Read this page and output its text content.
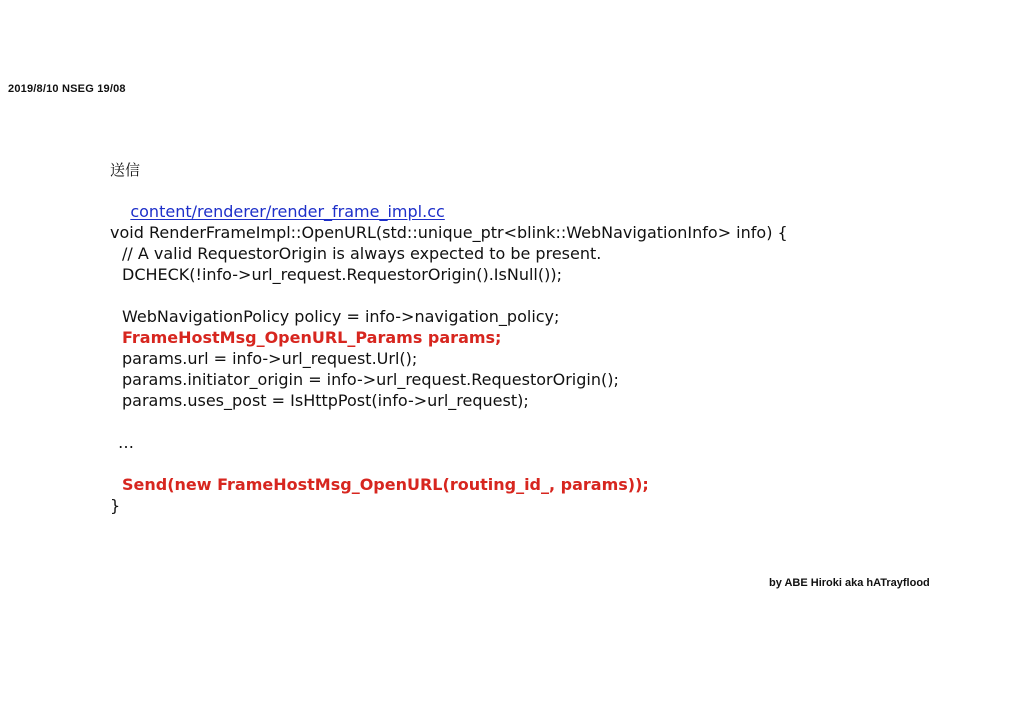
2019/8/10 NSEG 19/08
送信

content/renderer/render_frame_impl.cc

void RenderFrameImpl::OpenURL(std::unique_ptr<blink::WebNavigationInfo> info) {
// A valid RequestorOrigin is always expected to be present.
DCHECK(!info->url_request.RequestorOrigin().IsNull());
WebNavigationPolicy policy = info->navigation_policy;
FrameHostMsg_OpenURL_Params params;
params.url = info->url_request.Url();
params.initiator_origin = info->url_request.RequestorOrigin();
params.uses_post = IsHttpPost(info->url_request);
…
Send(new FrameHostMsg_OpenURL(routing_id_, params));
}
by ABE Hiroki aka hATrayflood
